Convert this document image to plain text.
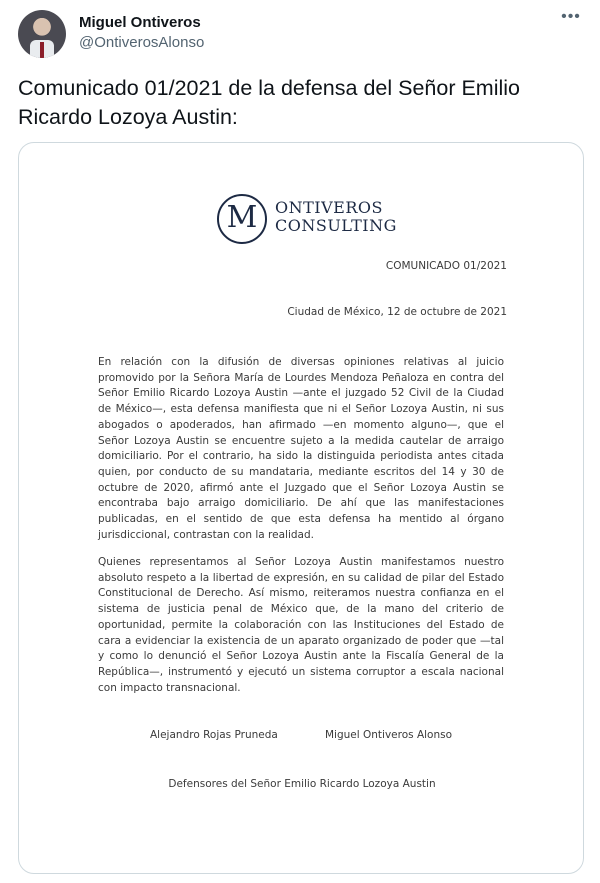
Miguel Ontiveros
@OntiverosAlonso
•••
Comunicado 01/2021 de la defensa del Señor Emilio Ricardo Lozoya Austin:
M	ONTIVEROS
CONSULTING
COMUNICADO 01/2021
Ciudad de México, 12 de octubre de 2021
En relación con la difusión de diversas opiniones relativas al juicio promovido por la Señora María de Lourdes Mendoza Peñaloza en contra del Señor Emilio Ricardo Lozoya Austin —ante el juzgado 52 Civil de la Ciudad de México—, esta defensa manifiesta que ni el Señor Lozoya Austin, ni sus abogados o apoderados, han afirmado —en momento alguno—, que el Señor Lozoya Austin se encuentre sujeto a la medida cautelar de arraigo domiciliario. Por el contrario, ha sido la distinguida periodista antes citada quien, por conducto de su mandataria, mediante escritos del 14 y 30 de octubre de 2020, afirmó ante el Juzgado que el Señor Lozoya Austin se encontraba bajo arraigo domiciliario. De ahí que las manifestaciones publicadas, en el sentido de que esta defensa ha mentido al órgano jurisdiccional, contrastan con la realidad.
Quienes representamos al Señor Lozoya Austin manifestamos nuestro absoluto respeto a la libertad de expresión, en su calidad de pilar del Estado Constitucional de Derecho. Así mismo, reiteramos nuestra confianza en el sistema de justicia penal de México que, de la mano del criterio de oportunidad, permite la colaboración con las Instituciones del Estado de cara a evidenciar la existencia de un aparato organizado de poder que —tal y como lo denunció el Señor Lozoya Austin ante la Fiscalía General de la República—, instrumentó y ejecutó un sistema corruptor a escala nacional con impacto transnacional.
Alejandro Rojas Pruneda	Miguel Ontiveros Alonso
Defensores del Señor Emilio Ricardo Lozoya Austin
